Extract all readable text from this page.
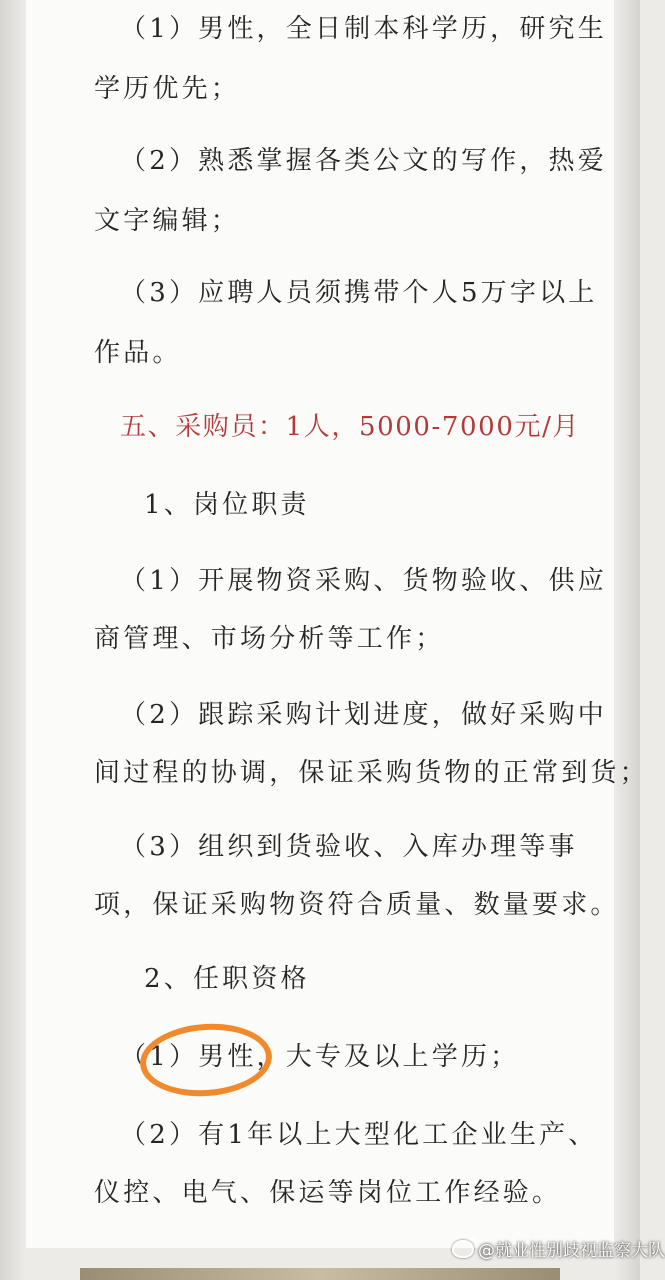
（1）男性，全日制本科学历，研究生
学历优先；
（2）熟悉掌握各类公文的写作，热爱
文字编辑；
（3）应聘人员须携带个人5万字以上
作品。
五、采购员：1人，5000-7000元/月
1、岗位职责
（1）开展物资采购、货物验收、供应
商管理、市场分析等工作；
（2）跟踪采购计划进度，做好采购中
间过程的协调，保证采购货物的正常到货；
（3）组织到货验收、入库办理等事
项，保证采购物资符合质量、数量要求。
2、任职资格
（1）男性，大专及以上学历；
（2）有1年以上大型化工企业生产、
仪控、电气、保运等岗位工作经验。
@就业性别歧视监察大队
